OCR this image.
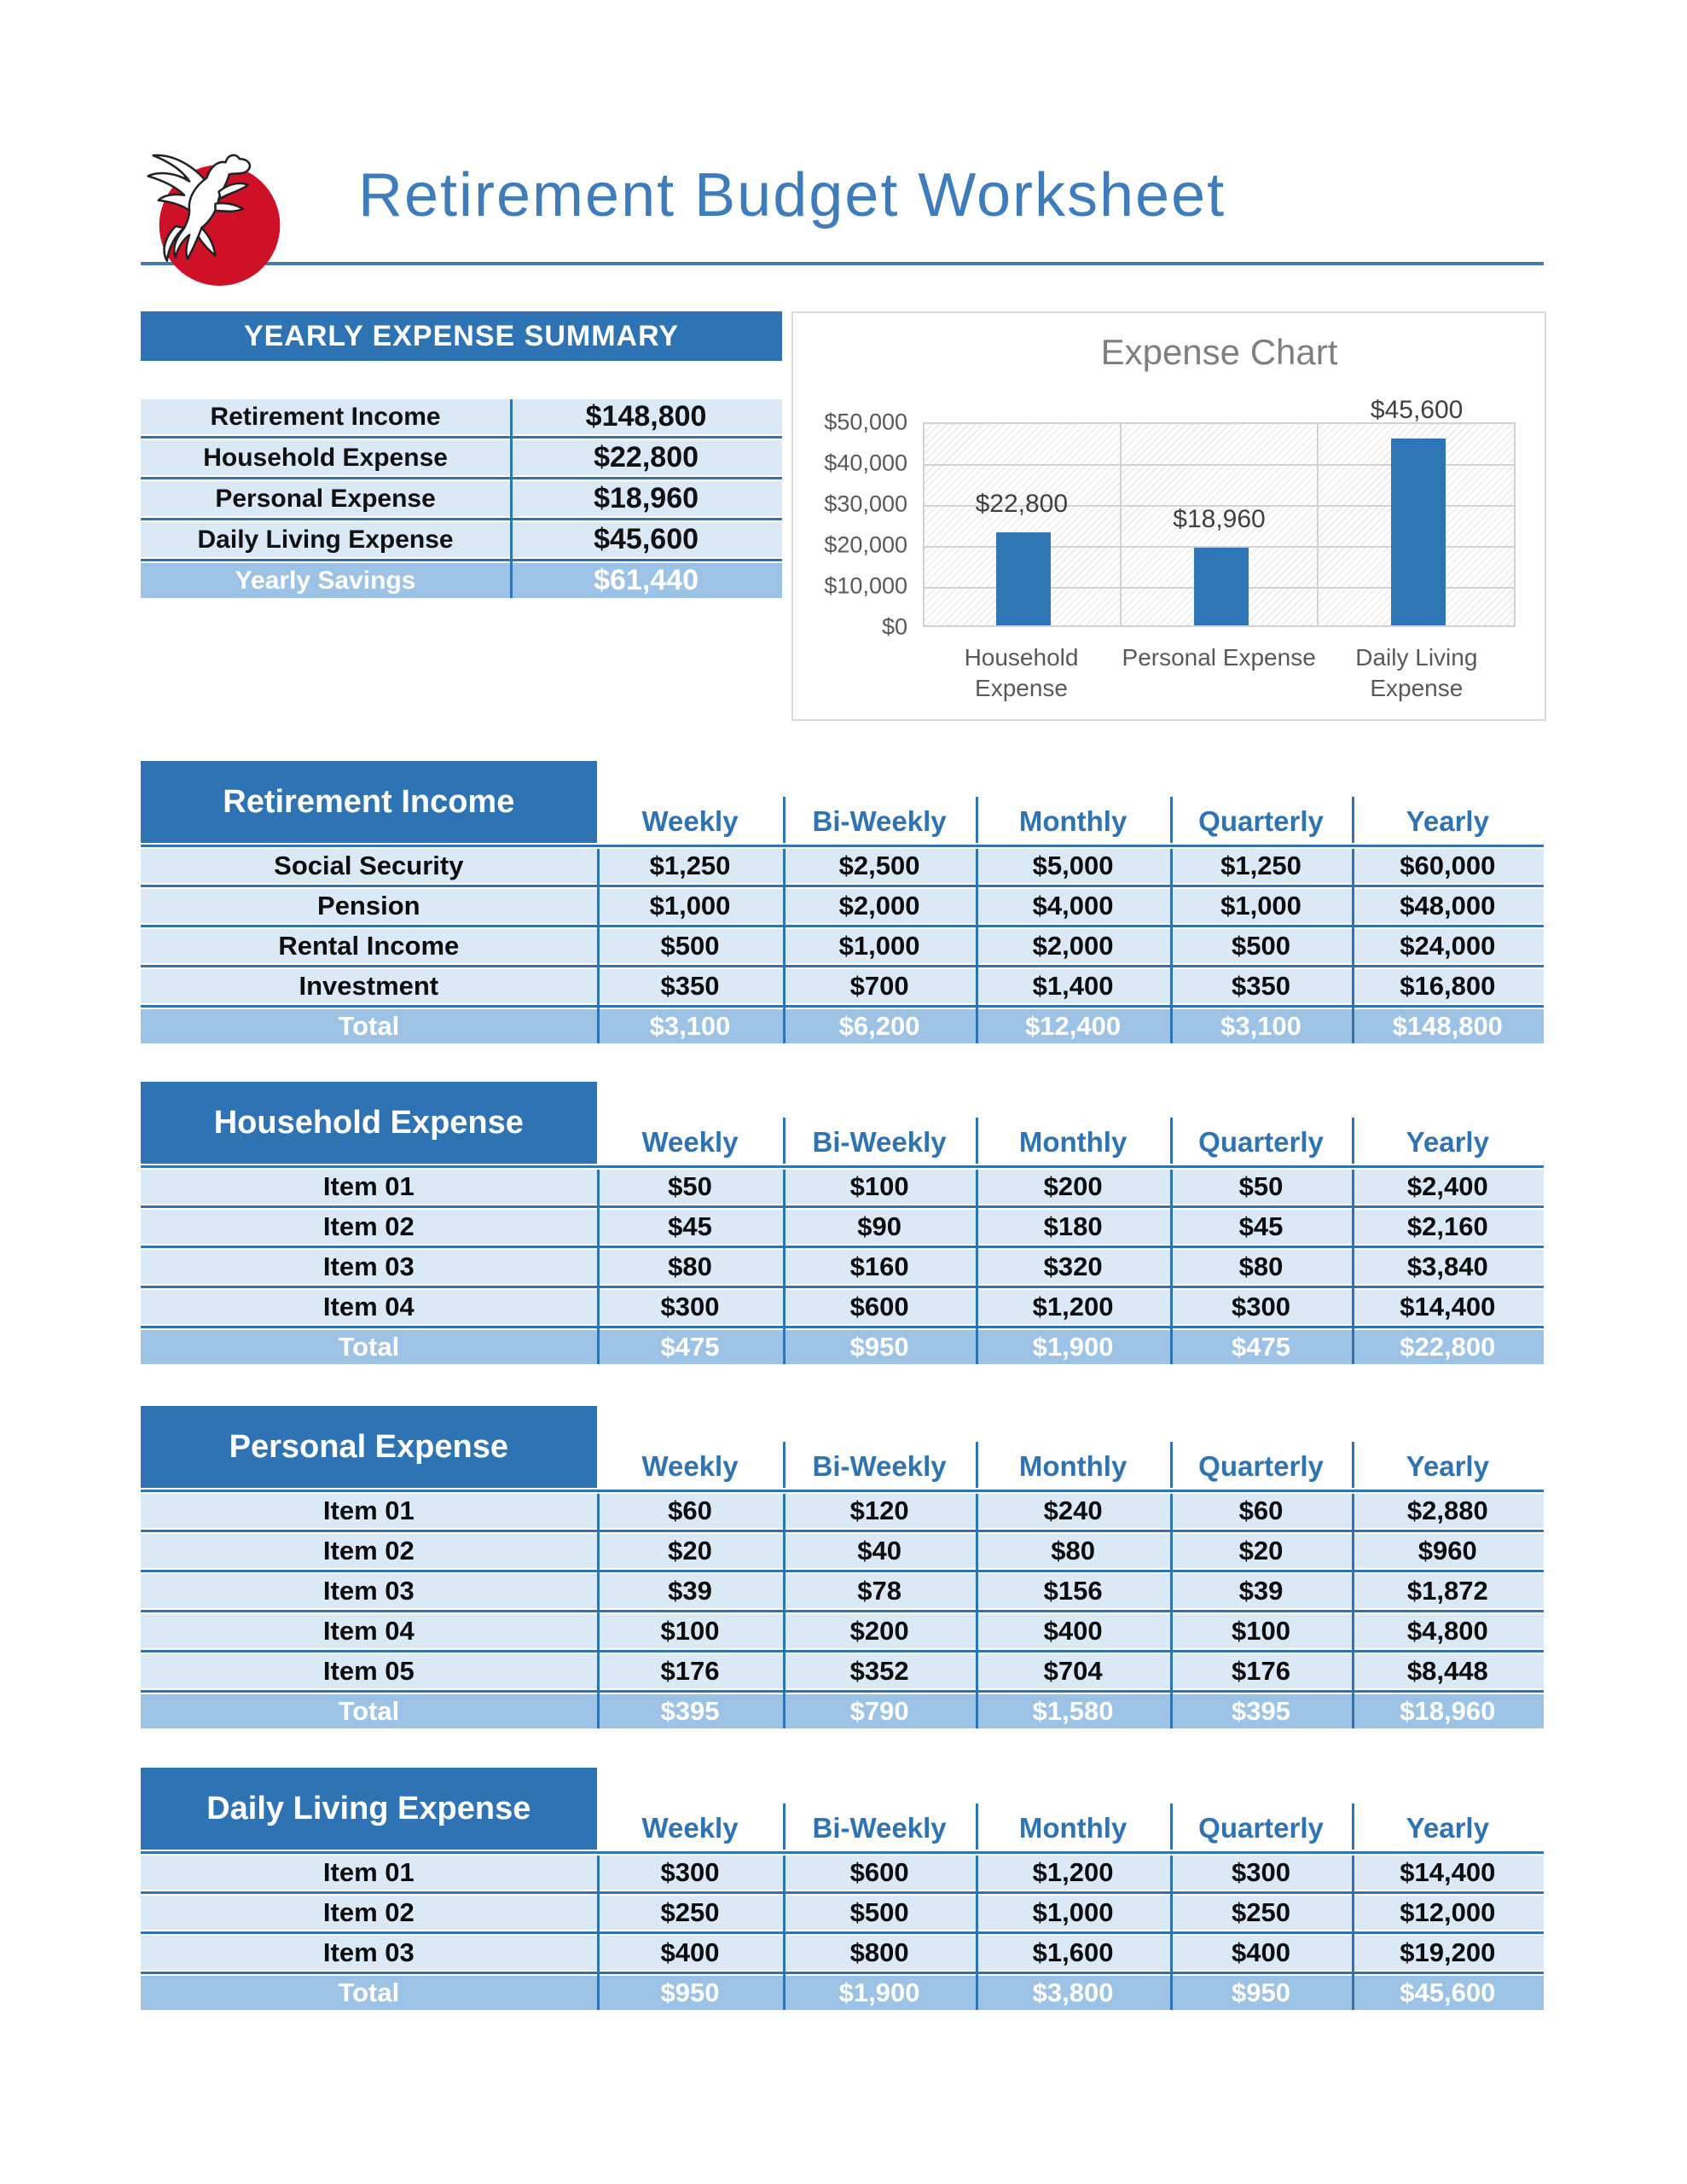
Retirement Budget Worksheet
YEARLY EXPENSE SUMMARY
Retirement Income	$148,800
Household Expense	$22,800
Personal Expense	$18,960
Daily Living Expense	$45,600
Yearly Savings	$61,440
Expense Chart
$22,800
$18,960
$45,600
$50,000
$40,000
$30,000
$20,000
$10,000
$0
Household
Expense
Personal Expense	Daily Living
Expense
Retirement Income
Weekly	Bi-Weekly	Monthly	Quarterly	Yearly
Social Security	$1,250	$2,500	$5,000	$1,250	$60,000
Pension	$1,000	$2,000	$4,000	$1,000	$48,000
Rental Income	$500	$1,000	$2,000	$500	$24,000
Investment	$350	$700	$1,400	$350	$16,800
Total	$3,100	$6,200	$12,400	$3,100	$148,800
Household Expense
Weekly	Bi-Weekly	Monthly	Quarterly	Yearly
Item 01	$50	$100	$200	$50	$2,400
Item 02	$45	$90	$180	$45	$2,160
Item 03	$80	$160	$320	$80	$3,840
Item 04	$300	$600	$1,200	$300	$14,400
Total	$475	$950	$1,900	$475	$22,800
Personal Expense
Weekly	Bi-Weekly	Monthly	Quarterly	Yearly
Item 01	$60	$120	$240	$60	$2,880
Item 02	$20	$40	$80	$20	$960
Item 03	$39	$78	$156	$39	$1,872
Item 04	$100	$200	$400	$100	$4,800
Item 05	$176	$352	$704	$176	$8,448
Total	$395	$790	$1,580	$395	$18,960
Daily Living Expense
Weekly	Bi-Weekly	Monthly	Quarterly	Yearly
Item 01	$300	$600	$1,200	$300	$14,400
Item 02	$250	$500	$1,000	$250	$12,000
Item 03	$400	$800	$1,600	$400	$19,200
Total	$950	$1,900	$3,800	$950	$45,600
